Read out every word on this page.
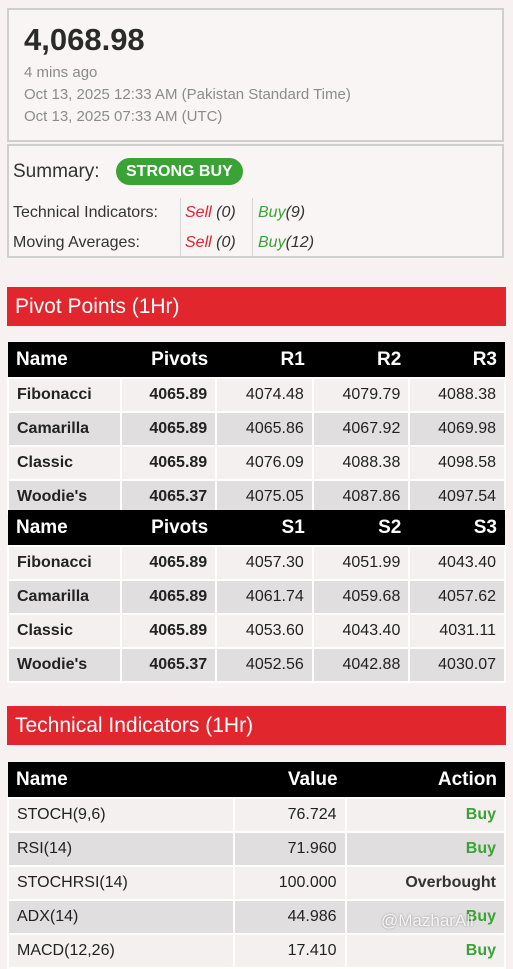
4,068.98
4 mins ago
Oct 13, 2025 12:33 AM (Pakistan Standard Time)
Oct 13, 2025 07:33 AM (UTC)
Summary:	STRONG BUY
Technical Indicators: Sell (0) Buy(9)
Moving Averages:	Sell (0) Buy(12)
Pivot Points (1Hr)
Name	Pivots	R1	R2	R3
Fibonacci	4065.89	4074.48	4079.79	4088.38
Camarilla	4065.89	4065.86	4067.92	4069.98
Classic	4065.89	4076.09	4088.38	4098.58
Woodie's	4065.37	4075.05	4087.86	4097.54
Name	Pivots	S1	S2	S3
Fibonacci	4065.89	4057.30	4051.99	4043.40
Camarilla	4065.89	4061.74	4059.68	4057.62
Classic	4065.89	4053.60	4043.40	4031.11
Woodie's	4065.37	4052.56	4042.88	4030.07
Technical Indicators (1Hr)
Name	Value	Action
STOCH(9,6)	76.724	Buy
RSI(14)	71.960	Buy
STOCHRSI(14)	100.000	Overbought
ADX(14)	44.986	Buy
MACD(12,26)	17.410	Buy
@MazharAli
